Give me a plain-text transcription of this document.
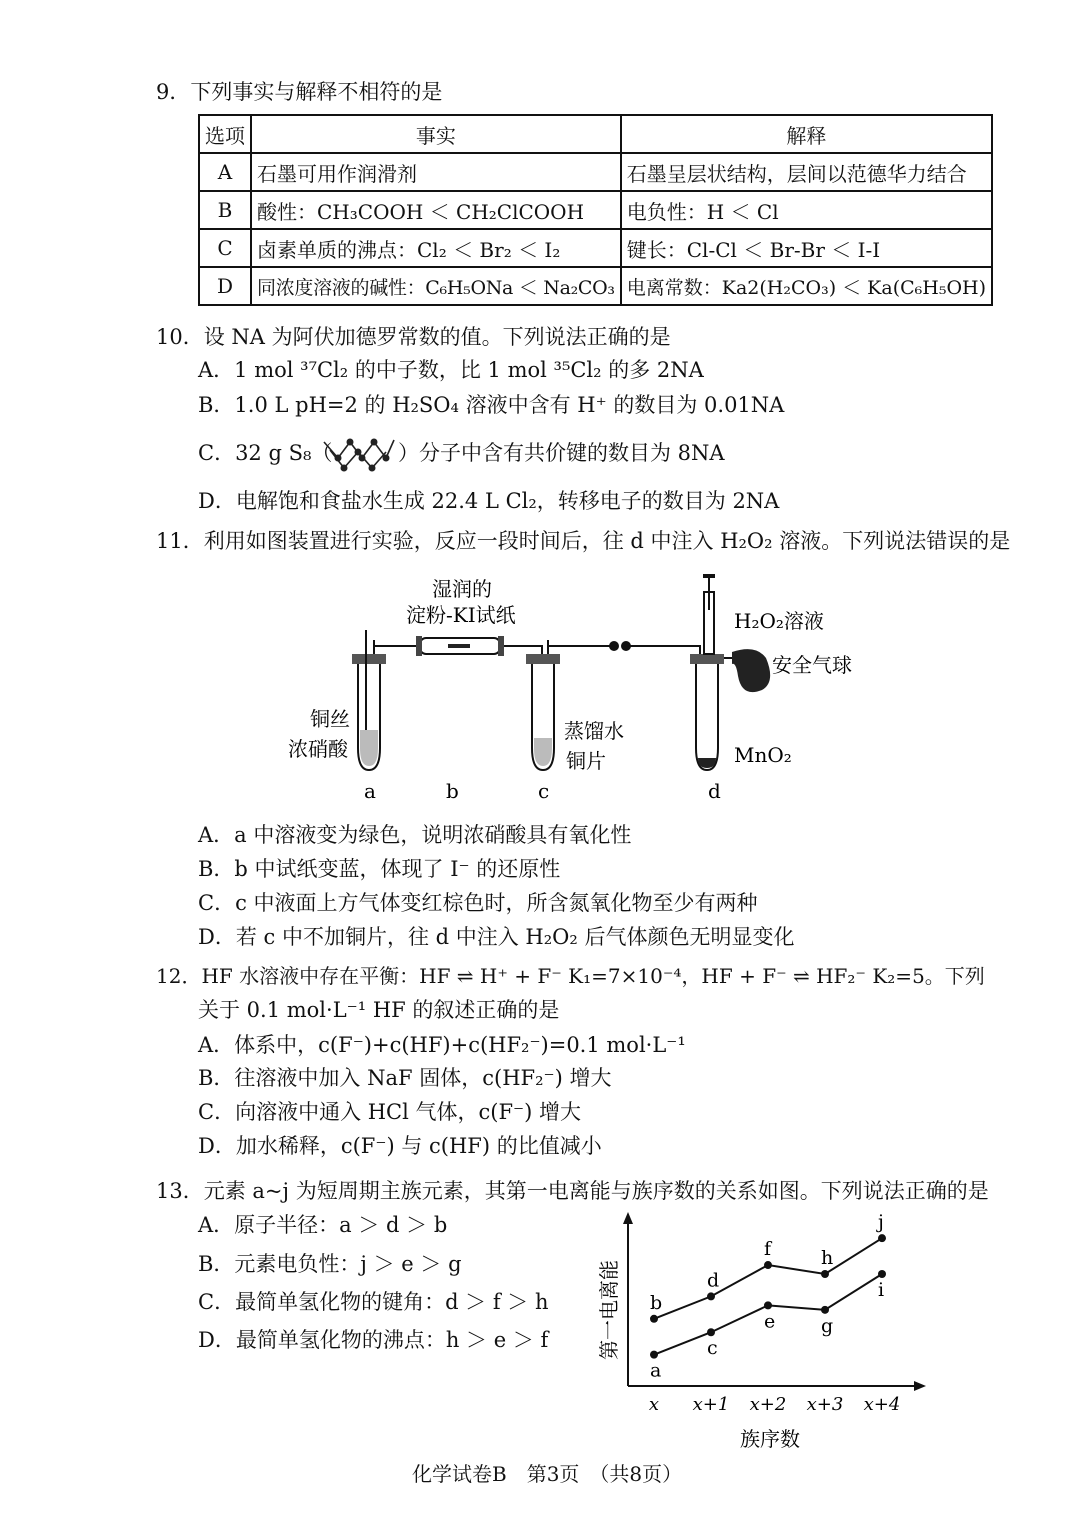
9．下列事实与解释不相符的是
选项	事实	解释
A	石墨可用作润滑剂	石墨呈层状结构，层间以范德华力结合
B	酸性：CH₃COOH ＜ CH₂ClCOOH	电负性：H ＜ Cl
C	卤素单质的沸点：Cl₂ ＜ Br₂ ＜ I₂	键长：Cl-Cl ＜ Br-Br ＜ I-I
D	同浓度溶液的碱性：C₆H₅ONa ＜ Na₂CO₃	电离常数：Ka2(H₂CO₃) ＜ Ka(C₆H₅OH)
10．设 NA 为阿伏加德罗常数的值。下列说法正确的是
A．1 mol ³⁷Cl₂ 的中子数，比 1 mol ³⁵Cl₂ 的多 2NA
B．1.0 L pH=2 的 H₂SO₄ 溶液中含有 H⁺ 的数目为 0.01NA
C．32 g S₈（	）分子中含有共价键的数目为 8NA
D．电解饱和食盐水生成 22.4 L Cl₂，转移电子的数目为 2NA
11．利用如图装置进行实验，反应一段时间后，往 d 中注入 H₂O₂ 溶液。下列说法错误的是
湿润的
淀粉-KI试纸	H₂O₂溶液
安全气球
铜丝
浓硝酸
蒸馏水
铜片	MnO₂
a	b	c	d
A．a 中溶液变为绿色，说明浓硝酸具有氧化性
B．b 中试纸变蓝，体现了 I⁻ 的还原性
C．c 中液面上方气体变红棕色时，所含氮氧化物至少有两种
D．若 c 中不加铜片，往 d 中注入 H₂O₂ 后气体颜色无明显变化
12．HF 水溶液中存在平衡：HF ⇌ H⁺ + F⁻ K₁=7×10⁻⁴，HF + F⁻ ⇌ HF₂⁻ K₂=5。下列
关于 0.1 mol·L⁻¹ HF 的叙述正确的是
A．体系中，c(F⁻)+c(HF)+c(HF₂⁻)=0.1 mol·L⁻¹
B．往溶液中加入 NaF 固体，c(HF₂⁻) 增大
C．向溶液中通入 HCl 气体，c(F⁻) 增大
D．加水稀释，c(F⁻) 与 c(HF) 的比值减小
13．元素 a~j 为短周期主族元素，其第一电离能与族序数的关系如图。下列说法正确的是
A．原子半径：a ＞ d ＞ b
B．元素电负性：j ＞ e ＞ g
C．最简单氢化物的键角：d ＞ f ＞ h
D．最简单氢化物的沸点：h ＞ e ＞ f
b
d
f	h
j
a
c
e g
i
x x+1 x+2 x+3 x+4
第一电离能
族序数
化学试卷B　第3页　（共8页）
